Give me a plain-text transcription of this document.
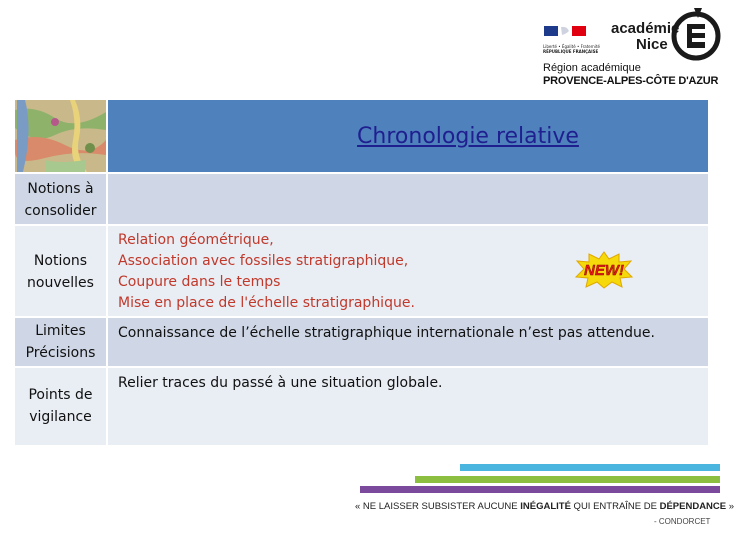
Liberté • Égalité • Fraternité
RÉPUBLIQUE FRANÇAISE
académie
Nice
Région académique
PROVENCE-ALPES-CÔTE D'AZUR
Chronologie relative
Notions à consolider
Notions nouvelles
Relation géométrique,
Association avec fossiles stratigraphique,
Coupure dans le temps
Mise en place de l'échelle stratigraphique.
NEW!
Limites Précisions
Connaissance de l’échelle stratigraphique internationale n’est pas attendue.
Points de vigilance
Relier traces du passé à une situation globale.
« NE LAISSER SUBSISTER AUCUNE INÉGALITÉ QUI ENTRAÎNE DE DÉPENDANCE »
- CONDORCET
